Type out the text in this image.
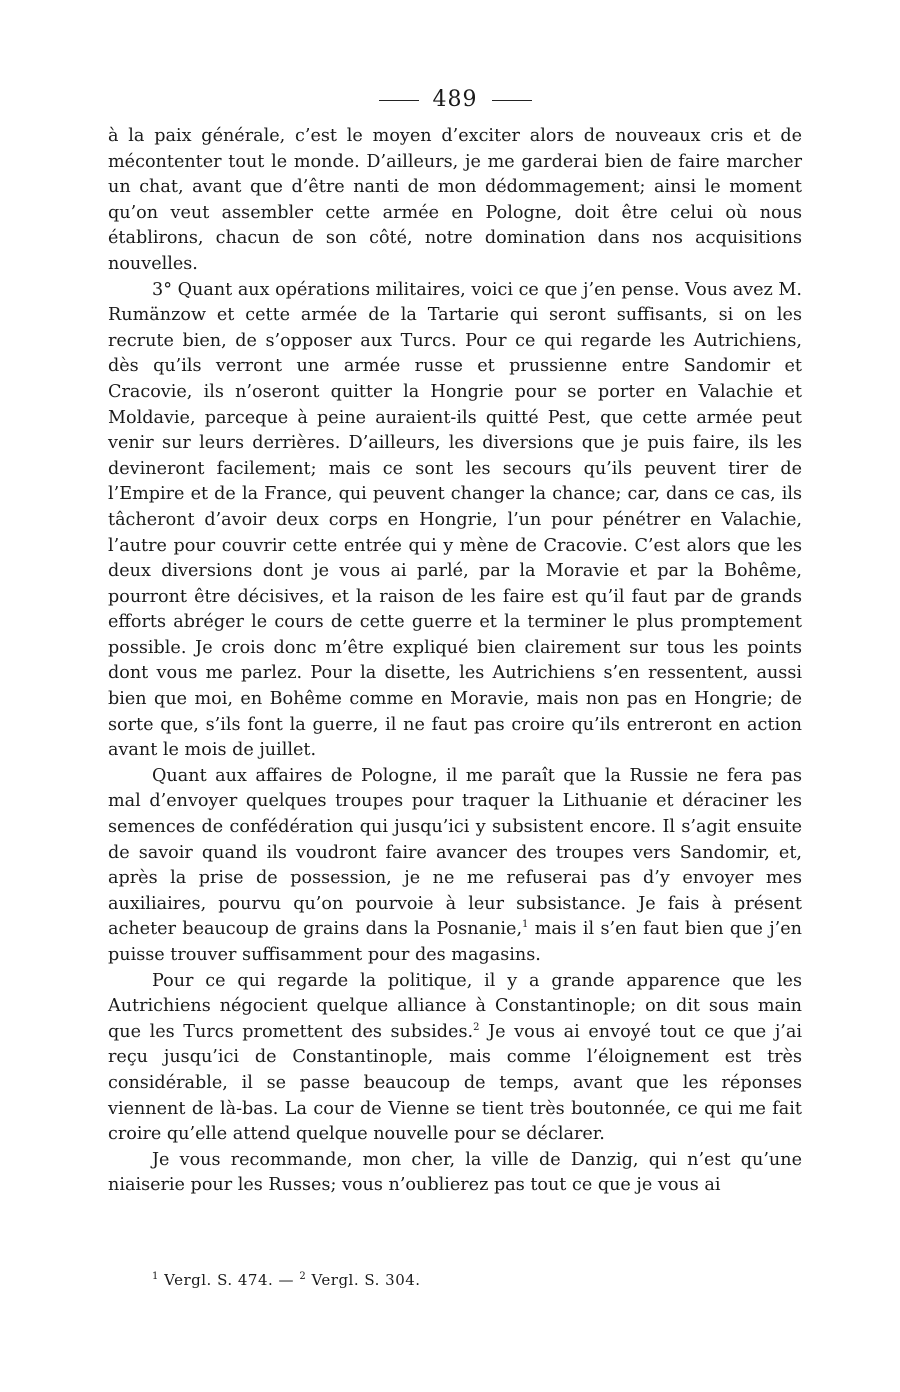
489

à la paix générale, c’est le moyen d’exciter alors de nouveaux cris et de mécontenter tout le monde. D’ailleurs, je me garderai bien de faire marcher un chat, avant que d’être nanti de mon dédommagement; ainsi le moment qu’on veut assembler cette armée en Pologne, doit être celui où nous établirons, chacun de son côté, notre domination dans nos acquisitions nouvelles.

3° Quant aux opérations militaires, voici ce que j’en pense. Vous avez M. Rumänzow et cette armée de la Tartarie qui seront suffisants, si on les recrute bien, de s’opposer aux Turcs. Pour ce qui regarde les Autrichiens, dès qu’ils verront une armée russe et prussienne entre Sandomir et Cracovie, ils n’oseront quitter la Hongrie pour se porter en Valachie et Moldavie, parceque à peine auraient-ils quitté Pest, que cette armée peut venir sur leurs derrières. D’ailleurs, les diversions que je puis faire, ils les devineront facilement; mais ce sont les secours qu’ils peuvent tirer de l’Empire et de la France, qui peuvent changer la chance; car, dans ce cas, ils tâcheront d’avoir deux corps en Hongrie, l’un pour pénétrer en Valachie, l’autre pour couvrir cette entrée qui y mène de Cracovie. C’est alors que les deux diversions dont je vous ai parlé, par la Moravie et par la Bohême, pourront être décisives, et la raison de les faire est qu’il faut par de grands efforts abréger le cours de cette guerre et la terminer le plus promptement possible. Je crois donc m’être expliqué bien clairement sur tous les points dont vous me parlez. Pour la disette, les Autrichiens s’en ressentent, aussi bien que moi, en Bohême comme en Moravie, mais non pas en Hongrie; de sorte que, s’ils font la guerre, il ne faut pas croire qu’ils entreront en action avant le mois de juillet.

Quant aux affaires de Pologne, il me paraît que la Russie ne fera pas mal d’envoyer quelques troupes pour traquer la Lithuanie et déraciner les semences de confédération qui jusqu’ici y subsistent encore. Il s’agit ensuite de savoir quand ils voudront faire avancer des troupes vers Sandomir, et, après la prise de possession, je ne me refuserai pas d’y envoyer mes auxiliaires, pourvu qu’on pourvoie à leur subsistance. Je fais à présent acheter beaucoup de grains dans la Posnanie,$^1$ mais il s’en faut bien que j’en puisse trouver suffisamment pour des magasins.

Pour ce qui regarde la politique, il y a grande apparence que les Autrichiens négocient quelque alliance à Constantinople; on dit sous main que les Turcs promettent des subsides.$^2$ Je vous ai envoyé tout ce que j’ai reçu jusqu’ici de Constantinople, mais comme l’éloignement est très considérable, il se passe beaucoup de temps, avant que les réponses viennent de là-bas. La cour de Vienne se tient très boutonnée, ce qui me fait croire qu’elle attend quelque nouvelle pour se déclarer.

Je vous recommande, mon cher, la ville de Danzig, qui n’est qu’une niaiserie pour les Russes; vous n’oublierez pas tout ce que je vous ai

$^1$ Vergl. S. 474. — $^2$ Vergl. S. 304.
